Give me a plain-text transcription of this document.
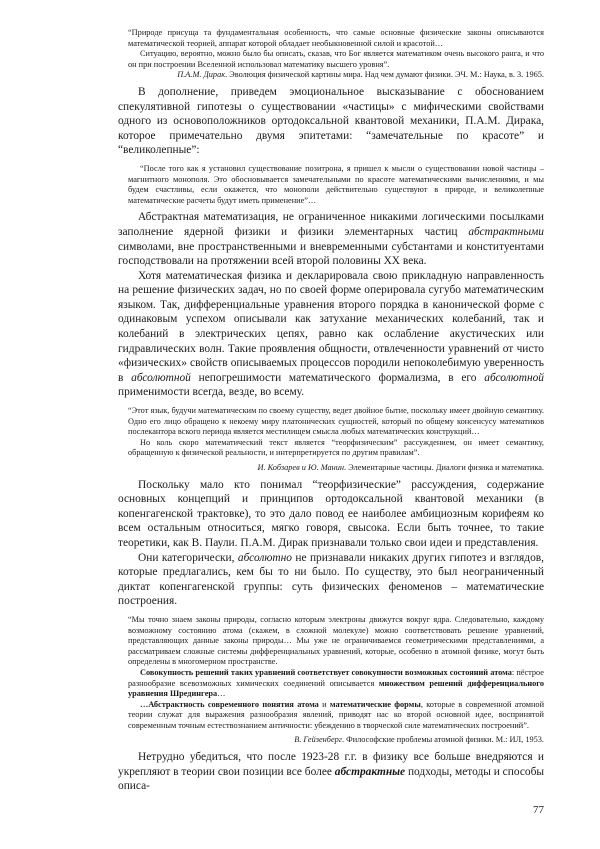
“Природе присуща та фундаментальная особенность, что самые основные физические законы описываются математической теорией, аппарат которой обладает необыкновенной силой и красотой…

Ситуацию, вероятно, можно было бы описать, сказав, что Бог является математиком очень высокого ранга, и что он при построении Вселенной использовал математику высшего уровня”.

П.А.М. Дирак. Эволюция физической картины мира. Над чем думают физики. ЭЧ. М.: Наука, в. 3. 1965.

В дополнение, приведем эмоциональное высказывание с обоснованием спекулятивной гипотезы о существовании «частицы» с мифическими свойствами одного из основоположников ортодоксальной квантовой механики, П.А.М. Дирака, которое примечательно двумя эпитетами: “замечательные по красоте” и “великолепные”:

“После того как я установил существование позитрона, я пришел к мысли о существовании новой частицы – магнитного монополя. Это обосновывается замечательными по красоте математическими вычислениями, и мы будем счастливы, если окажется, что монополи действительно существуют в природе, и великолепные математические расчеты будут иметь применение”…

Абстрактная математизация, не ограниченное никакими логическими посылками заполнение ядерной физики и физики элементарных частиц абстрактными символами, вне пространственными и вневременными субстантами и конституентами господствовали на протяжении всей второй половины XX века.

Хотя математическая физика и декларировала свою прикладную направленность на решение физических задач, но по своей форме оперировала сугубо математическим языком. Так, дифференциальные уравнения второго порядка в канонической форме с одинаковым успехом описывали как затухание механических колебаний, так и колебаний в электрических цепях, равно как ослабление акустических или гидравлических волн. Такие проявления общности, отвлеченности уравнений от чисто «физических» свойств описываемых процессов породили непоколебимую уверенность в абсолютной непогрешимости математического формализма, в его абсолютной применимости всегда, везде, во всему.

“Этот язык, будучи математическим по своему существу, ведет двойное бытие, поскольку имеет двойную семантику. Одно его лицо обращено к некоему миру платонических сущностей, который по общему консенсусу математиков послекантора вского периода является местилищем смысла любых математических конструкций…

Но коль скоро математический текст является “теорфизическим” рассуждением, он имеет семантику, обращенную к физической реальности, и интерпретируется по другим правилам”.

И. Кобзарев и Ю. Манин. Элементарные частицы. Диалоги физика и математика.

Поскольку мало кто понимал “теорфизические” рассуждения, содержание основных концепций и принципов ортодоксальной квантовой механики (в копенгагенской трактовке), то это дало повод ее наиболее амбициозным корифеям ко всем остальным относиться, мягко говоря, свысока. Если быть точнее, то такие теоретики, как В. Паули. П.А.М. Дирак признавали только свои идеи и представления.

Они категорически, абсолютно не признавали никаких других гипотез и взглядов, которые предлагались, кем бы то ни было. По существу, это был неограниченный диктат копенгагенской группы: суть физических феноменов – математические построения.

“Мы точно знаем законы природы, согласно которым электроны движутся вокруг ядра. Следовательно, каждому возможному состоянию атома (скажем, в сложной молекуле) можно соответствовать решение уравнений, представляющих данные законы природы… Мы уже не ограничиваемся геометрическими представлениями, а рассматриваем сложные системы дифференциальных уравнений, которые, особенно в атомной физике, могут быть определены в многомерном пространстве.

Совокупность решений таких уравнений соответствует совокупности возможных состояний атома: пёстрое разнообразие всевозможных химических соединений описывается множеством решений дифференциального уравнения Шредингера…

…Абстрактность современного понятия атома и математические формы, которые в современной атомной теории служат для выражения разнообразия явлений, приводят нас ко второй основной идее, воспринятой современным точным естествознанием античности: убеждению в творческой силе математических построений”.

В. Гейзенберг. Философские проблемы атомной физики. М.: ИЛ, 1953.

Нетрудно убедиться, что после 1923-28 г.г. в физику все больше внедряются и укрепляют в теории свои позиции все более абстрактные подходы, методы и способы описа-

77
